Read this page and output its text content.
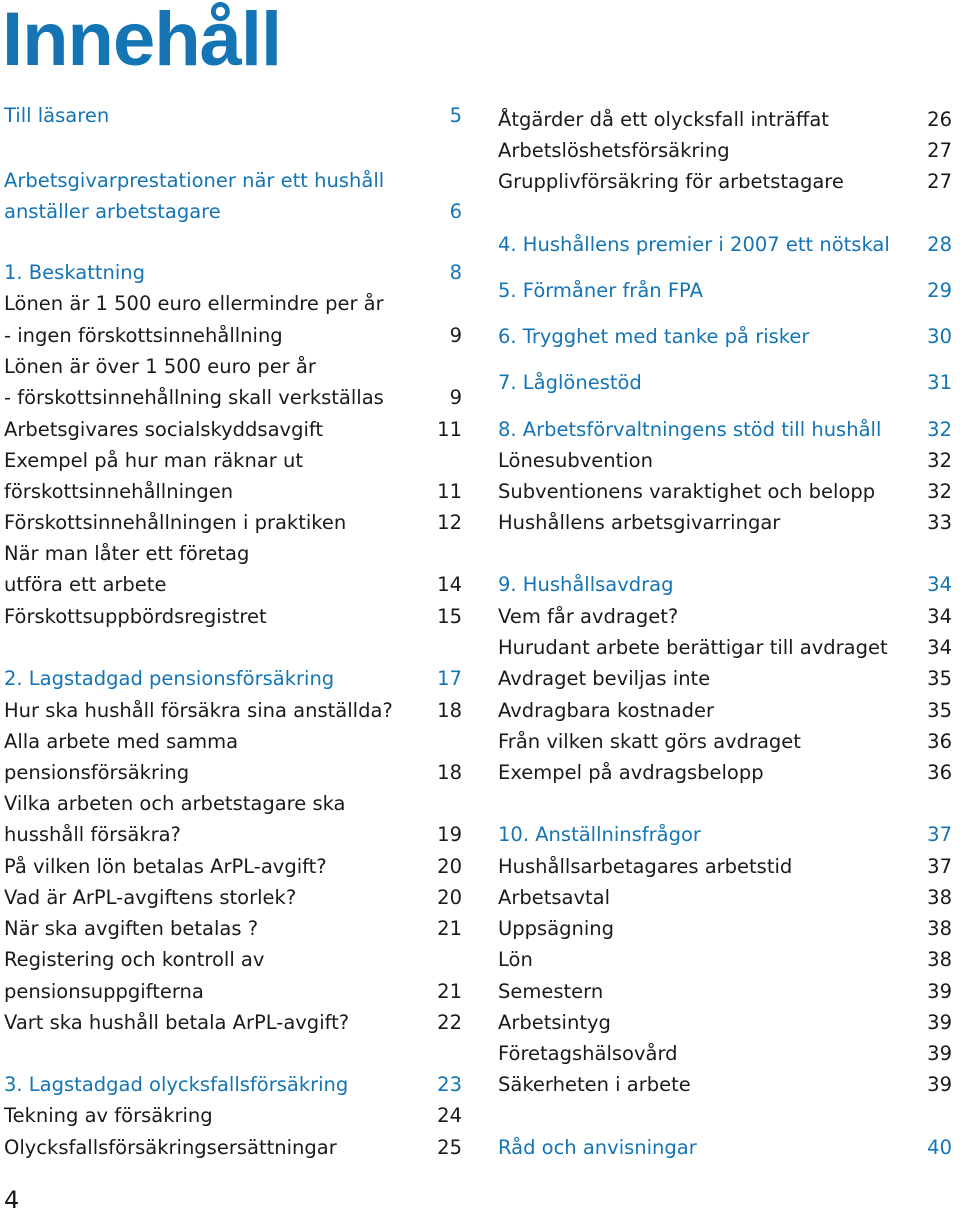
Innehåll
Till läsaren	5
Arbetsgivarprestationer när ett hushåll
anställer arbetstagare	6
1. Beskattning	8
Lönen är 1 500 euro ellermindre per år
- ingen förskottsinnehållning	9
Lönen är över 1 500 euro per år
- förskottsinnehållning skall verkställas	9
Arbetsgivares socialskyddsavgift	11
Exempel på hur man räknar ut
förskottsinnehållningen	11
Förskottsinnehållningen i praktiken	12
När man låter ett företag
utföra ett arbete	14
Förskottsuppbördsregistret	15
2. Lagstadgad pensionsförsäkring	17
Hur ska hushåll försäkra sina anställda? 18
Alla arbete med samma
pensionsförsäkring	18
Vilka arbeten och arbetstagare ska
husshåll försäkra?	19
På vilken lön betalas ArPL-avgift?	20
Vad är ArPL-avgiftens storlek?	20
När ska avgiften betalas ?	21
Registering och kontroll av
pensionsuppgifterna	21
Vart ska hushåll betala ArPL-avgift?	22
3. Lagstadgad olycksfallsförsäkring	23
Tekning av försäkring	24
Olycksfallsförsäkringsersättningar	25
Åtgärder då ett olycksfall inträffat	26
Arbetslöshetsförsäkring	27
Grupplivförsäkring för arbetstagare	27
4. Hushållens premier i 2007 ett nötskal 28
5. Förmåner från FPA	29
6. Trygghet med tanke på risker	30
7. Låglönestöd	31
8. Arbetsförvaltningens stöd till hushåll 32
Lönesubvention	32
Subventionens varaktighet och belopp	32
Hushållens arbetsgivarringar	33
9. Hushållsavdrag	34
Vem får avdraget?	34
Hurudant arbete berättigar till avdraget 34
Avdraget beviljas inte	35
Avdragbara kostnader	35
Från vilken skatt görs avdraget	36
Exempel på avdragsbelopp	36
10. Anställninsfrågor	37
Hushållsarbetagares arbetstid	37
Arbetsavtal	38
Uppsägning	38
Lön	38
Semestern	39
Arbetsintyg	39
Företagshälsovård	39
Säkerheten i arbete	39
Råd och anvisningar	40
4
